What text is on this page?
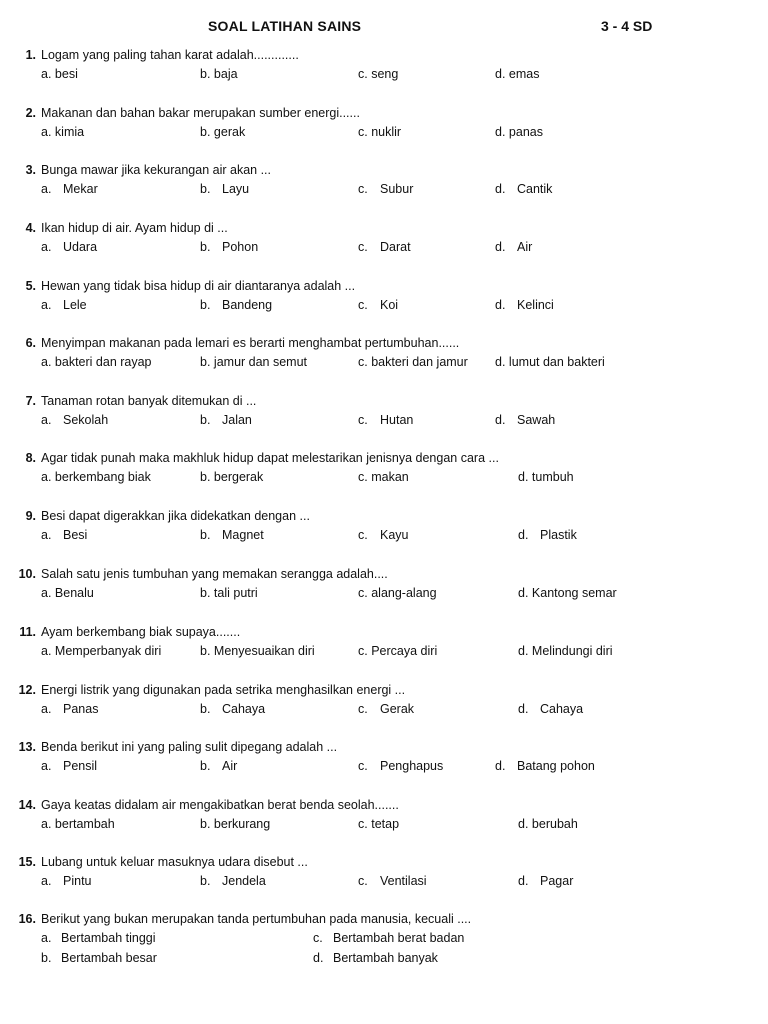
SOAL LATIHAN SAINS	3 - 4 SD
1. Logam yang paling tahan karat adalah.............
a. besi	b. baja	c. seng	d. emas
2. Makanan dan bahan bakar merupakan sumber energi......
a. kimia	b. gerak	c. nuklir	d. panas
3. Bunga mawar jika kekurangan air akan ...
a. Mekar	b. Layu	c. Subur	d. Cantik
4. Ikan hidup di air. Ayam hidup di ...
a. Udara	b. Pohon	c. Darat	d. Air
5. Hewan yang tidak bisa hidup di air diantaranya adalah ...
a. Lele	b. Bandeng	c. Koi	d. Kelinci
6. Menyimpan makanan pada lemari es berarti menghambat pertumbuhan......
a. bakteri dan rayap	b. jamur dan semut	c. bakteri dan jamur d. lumut dan bakteri
7. Tanaman rotan banyak ditemukan di ...
a. Sekolah	b. Jalan	c. Hutan	d. Sawah
8. Agar tidak punah maka makhluk hidup dapat melestarikan jenisnya dengan cara ...
a. berkembang biak	b. bergerak	c. makan	d. tumbuh
9. Besi dapat digerakkan jika didekatkan dengan ...
a. Besi	b. Magnet	c. Kayu	d. Plastik
10. Salah satu jenis tumbuhan yang memakan serangga adalah....
a. Benalu	b. tali putri	c. alang-alang	d. Kantong semar
11. Ayam berkembang biak supaya.......
a. Memperbanyak diri	b. Menyesuaikan diri	c. Percaya diri	d. Melindungi diri
12. Energi listrik yang digunakan pada setrika menghasilkan energi ...
a. Panas	b. Cahaya	c. Gerak	d. Cahaya
13. Benda berikut ini yang paling sulit dipegang adalah ...
a. Pensil	b. Air	c. Penghapus	d. Batang pohon
14. Gaya keatas didalam air mengakibatkan berat benda seolah.......
a. bertambah	b. berkurang	c. tetap	d. berubah
15. Lubang untuk keluar masuknya udara disebut ...
a. Pintu	b. Jendela	c. Ventilasi	d. Pagar
16. Berikut yang bukan merupakan tanda pertumbuhan pada manusia, kecuali ....
a. Bertambah tinggi
b. Bertambah besar
c. Bertambah berat badan
d. Bertambah banyak
